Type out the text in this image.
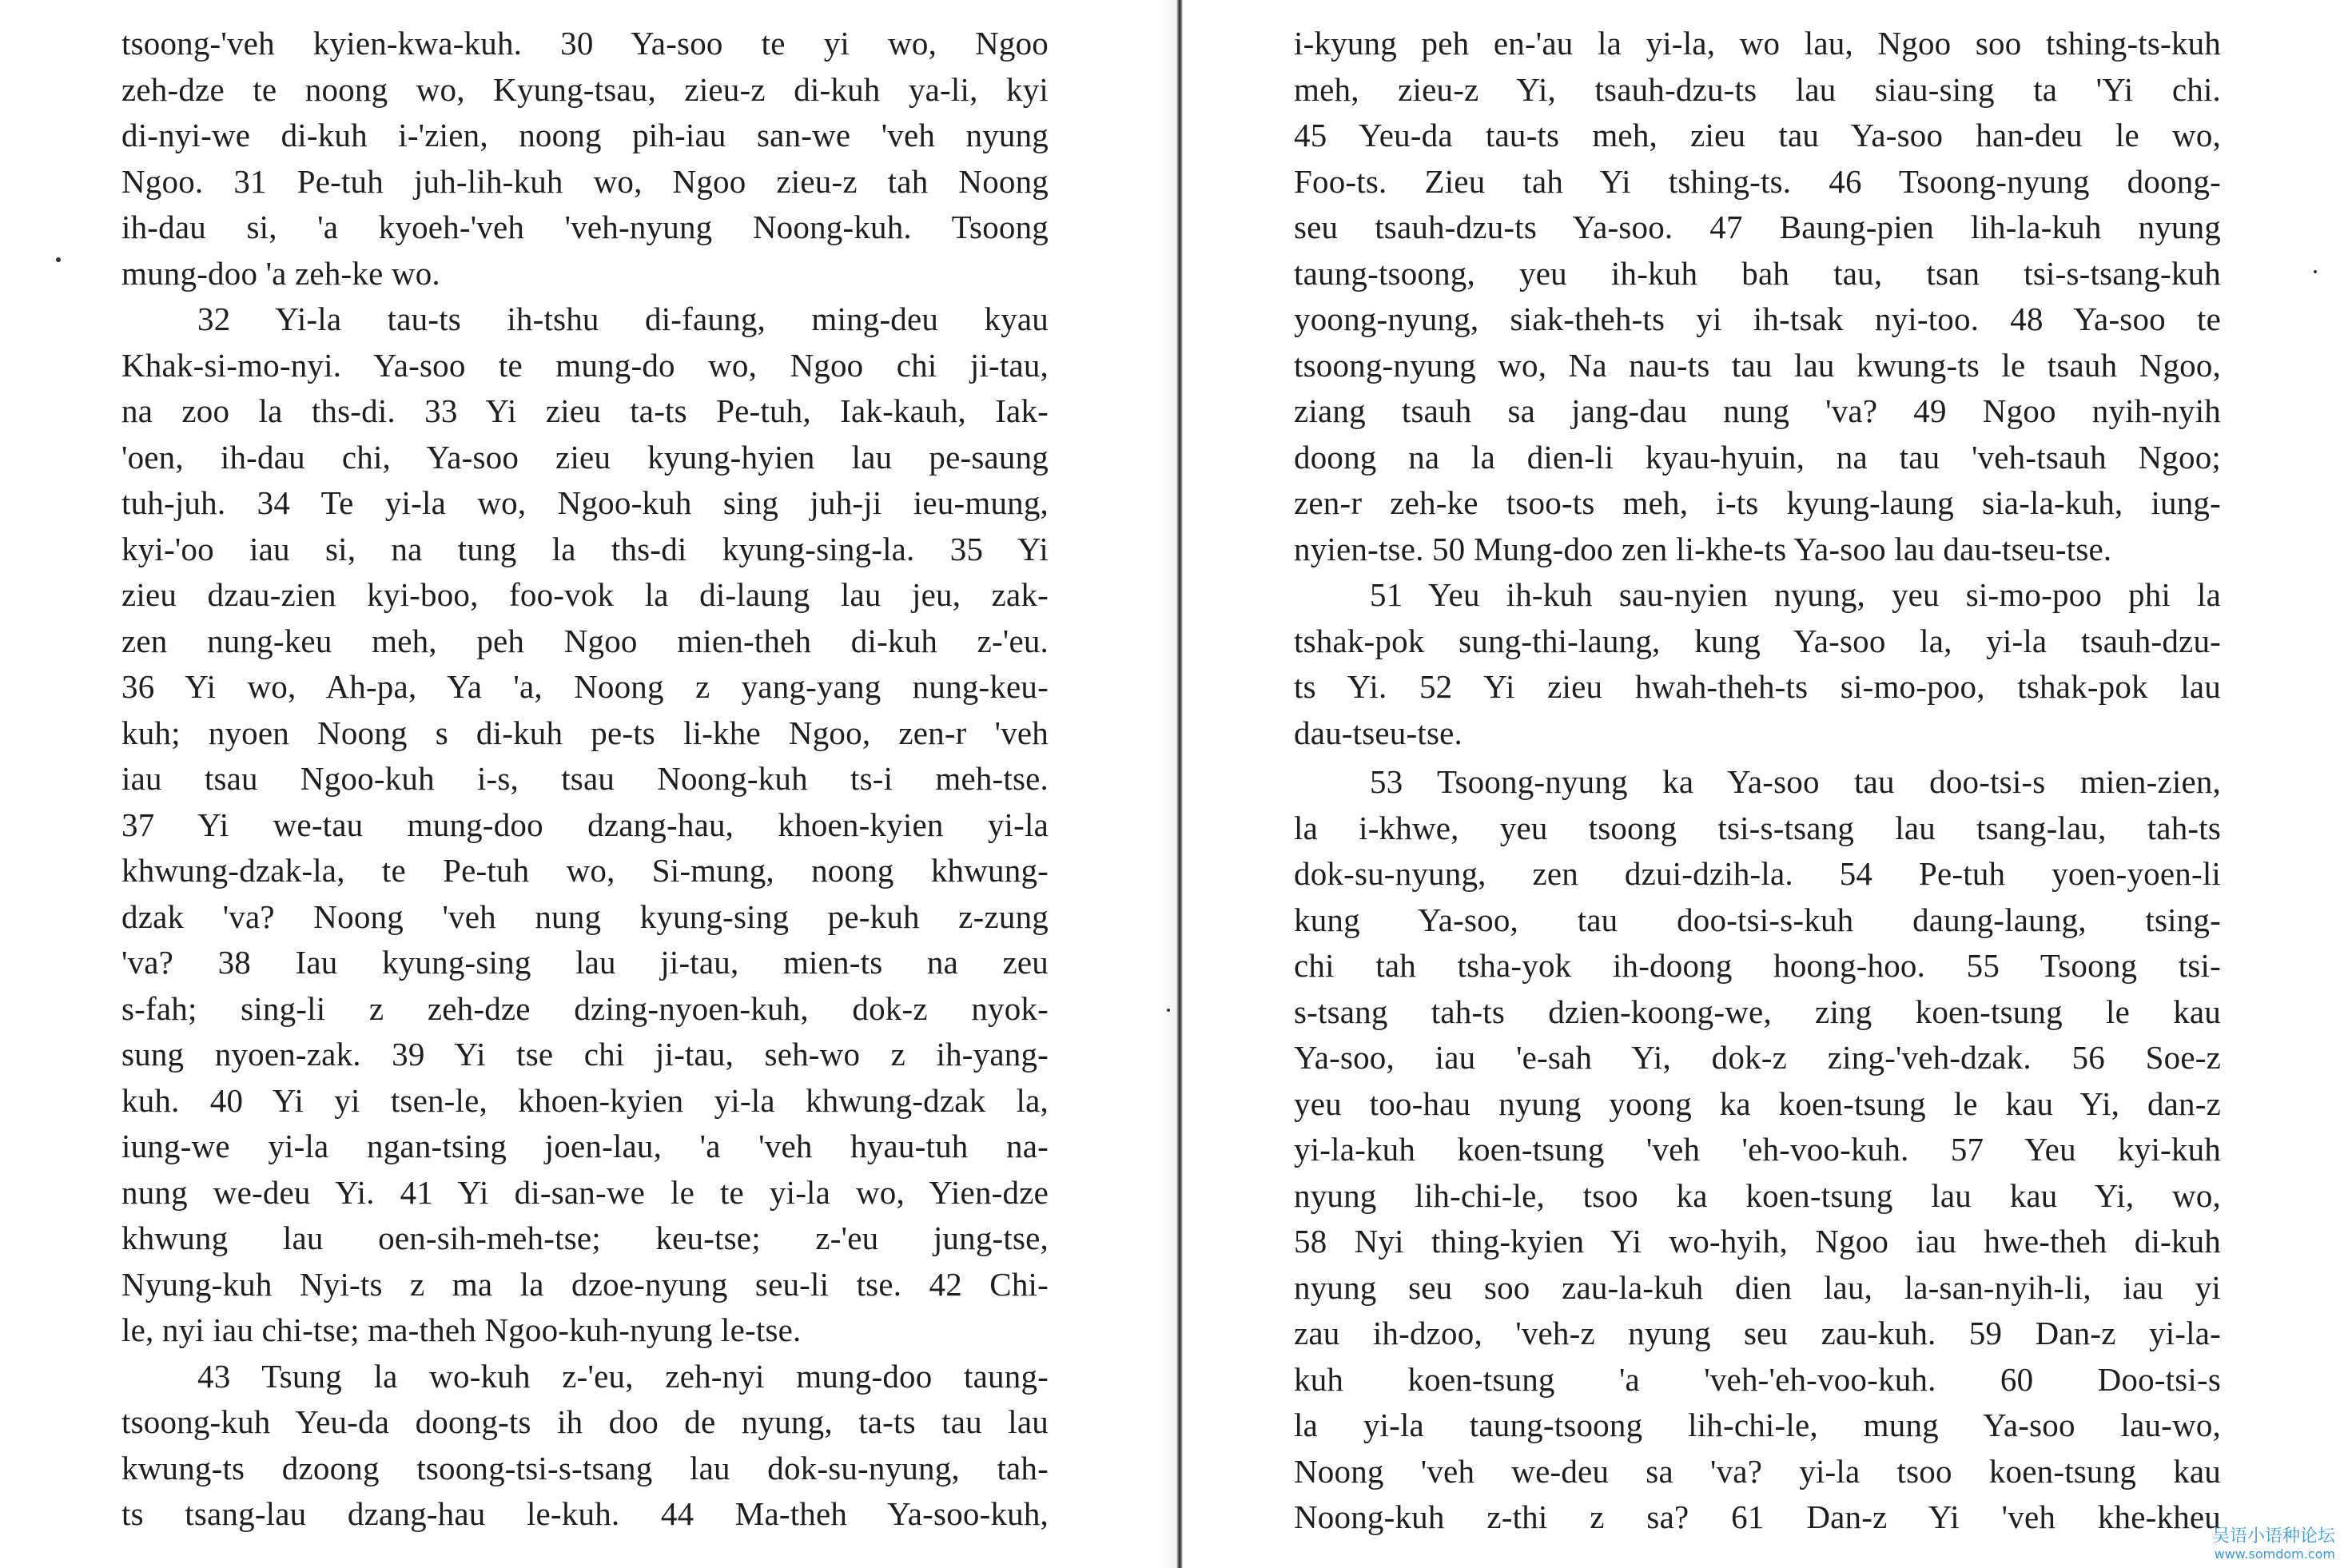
tsoong-'veh kyien-kwa-kuh. 30 Ya-soo te yi wo, Ngoo
zeh-dze te noong wo, Kyung-tsau, zieu-z di-kuh ya-li, kyi
di-nyi-we di-kuh i-'zien, noong pih-iau san-we 'veh nyung
Ngoo. 31 Pe-tuh juh-lih-kuh wo, Ngoo zieu-z tah Noong
ih-dau si, 'a kyoeh-'veh 'veh-nyung Noong-kuh. Tsoong
mung-doo 'a zeh-ke wo.
32 Yi-la tau-ts ih-tshu di-faung, ming-deu kyau
Khak-si-mo-nyi. Ya-soo te mung-do wo, Ngoo chi ji-tau,
na zoo la ths-di. 33 Yi zieu ta-ts Pe-tuh, Iak-kauh, Iak-
'oen, ih-dau chi, Ya-soo zieu kyung-hyien lau pe-saung
tuh-juh. 34 Te yi-la wo, Ngoo-kuh sing juh-ji ieu-mung,
kyi-'oo iau si, na tung la ths-di kyung-sing-la. 35 Yi
zieu dzau-zien kyi-boo, foo-vok la di-laung lau jeu, zak-
zen nung-keu meh, peh Ngoo mien-theh di-kuh z-'eu.
36 Yi wo, Ah-pa, Ya 'a, Noong z yang-yang nung-keu-
kuh; nyoen Noong s di-kuh pe-ts li-khe Ngoo, zen-r 'veh
iau tsau Ngoo-kuh i-s, tsau Noong-kuh ts-i meh-tse.
37 Yi we-tau mung-doo dzang-hau, khoen-kyien yi-la
khwung-dzak-la, te Pe-tuh wo, Si-mung, noong khwung-
dzak 'va? Noong 'veh nung kyung-sing pe-kuh z-zung
'va? 38 Iau kyung-sing lau ji-tau, mien-ts na zeu
s-fah; sing-li z zeh-dze dzing-nyoen-kuh, dok-z nyok-
sung nyoen-zak. 39 Yi tse chi ji-tau, seh-wo z ih-yang-
kuh. 40 Yi yi tsen-le, khoen-kyien yi-la khwung-dzak la,
iung-we yi-la ngan-tsing joen-lau, 'a 'veh hyau-tuh na-
nung we-deu Yi. 41 Yi di-san-we le te yi-la wo, Yien-dze
khwung lau oen-sih-meh-tse; keu-tse; z-'eu jung-tse,
Nyung-kuh Nyi-ts z ma la dzoe-nyung seu-li tse. 42 Chi-
le, nyi iau chi-tse; ma-theh Ngoo-kuh-nyung le-tse.
43 Tsung la wo-kuh z-'eu, zeh-nyi mung-doo taung-
tsoong-kuh Yeu-da doong-ts ih doo de nyung, ta-ts tau lau
kwung-ts dzoong tsoong-tsi-s-tsang lau dok-su-nyung, tah-
ts tsang-lau dzang-hau le-kuh. 44 Ma-theh Ya-soo-kuh,
i-kyung peh en-'au la yi-la, wo lau, Ngoo soo tshing-ts-kuh
meh, zieu-z Yi, tsauh-dzu-ts lau siau-sing ta 'Yi chi.
45 Yeu-da tau-ts meh, zieu tau Ya-soo han-deu le wo,
Foo-ts. Zieu tah Yi tshing-ts. 46 Tsoong-nyung doong-
seu tsauh-dzu-ts Ya-soo. 47 Baung-pien lih-la-kuh nyung
taung-tsoong, yeu ih-kuh bah tau, tsan tsi-s-tsang-kuh
yoong-nyung, siak-theh-ts yi ih-tsak nyi-too. 48 Ya-soo te
tsoong-nyung wo, Na nau-ts tau lau kwung-ts le tsauh Ngoo,
ziang tsauh sa jang-dau nung 'va? 49 Ngoo nyih-nyih
doong na la dien-li kyau-hyuin, na tau 'veh-tsauh Ngoo;
zen-r zeh-ke tsoo-ts meh, i-ts kyung-laung sia-la-kuh, iung-
nyien-tse. 50 Mung-doo zen li-khe-ts Ya-soo lau dau-tseu-tse.
51 Yeu ih-kuh sau-nyien nyung, yeu si-mo-poo phi la
tshak-pok sung-thi-laung, kung Ya-soo la, yi-la tsauh-dzu-
ts Yi. 52 Yi zieu hwah-theh-ts si-mo-poo, tshak-pok lau
dau-tseu-tse.
53 Tsoong-nyung ka Ya-soo tau doo-tsi-s mien-zien,
la i-khwe, yeu tsoong tsi-s-tsang lau tsang-lau, tah-ts
dok-su-nyung, zen dzui-dzih-la. 54 Pe-tuh yoen-yoen-li
kung Ya-soo, tau doo-tsi-s-kuh daung-laung, tsing-
chi tah tsha-yok ih-doong hoong-hoo. 55 Tsoong tsi-
s-tsang tah-ts dzien-koong-we, zing koen-tsung le kau
Ya-soo, iau 'e-sah Yi, dok-z zing-'veh-dzak. 56 Soe-z
yeu too-hau nyung yoong ka koen-tsung le kau Yi, dan-z
yi-la-kuh koen-tsung 'veh 'eh-voo-kuh. 57 Yeu kyi-kuh
nyung lih-chi-le, tsoo ka koen-tsung lau kau Yi, wo,
58 Nyi thing-kyien Yi wo-hyih, Ngoo iau hwe-theh di-kuh
nyung seu soo zau-la-kuh dien lau, la-san-nyih-li, iau yi
zau ih-dzoo, 'veh-z nyung seu zau-kuh. 59 Dan-z yi-la-
kuh koen-tsung 'a 'veh-'eh-voo-kuh. 60 Doo-tsi-s
la yi-la taung-tsoong lih-chi-le, mung Ya-soo lau-wo,
Noong 'veh we-deu sa 'va? yi-la tsoo koen-tsung kau
Noong-kuh z-thi z sa? 61 Dan-z Yi 'veh khe-kheu
吴语小语种论坛
www.somdom.com
